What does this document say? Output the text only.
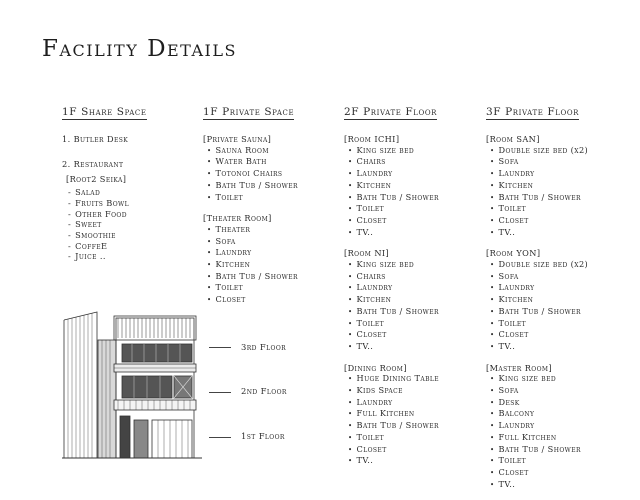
Facility Details
1F Share Space
1. Butler Desk
2. Restaurant
[Root2 Seika]
- Salad
- Fruits Bowl
- Other Food
- Sweet
- Smoothie
- CoffeE
- Juice ..
1F Private Space
[Private Sauna]
• Sauna Room
• Water Bath
• Totonoi Chairs
• Bath Tub / Shower
• Toilet
[Theater Room]
• Theater
• Sofa
• Laundry
• Kitchen
• Bath Tub / Shower
• Toilet
• Closet
2F Private Floor
[Room ICHI]
• King size bed
• Chairs
• Laundry
• Kitchen
• Bath Tub / Shower
• Toilet
• Closet
• TV..
[Room NI]
• King size bed
• Chairs
• Laundry
• Kitchen
• Bath Tub / Shower
• Toilet
• Closet
• TV..
[Dining Room]
• Huge Dining Table
• Kids Space
• Laundry
• Full Kitchen
• Bath Tub / Shower
• Toilet
• Closet
• TV..
3F Private Floor
[Room SAN]
• Double size bed (x2)
• Sofa
• Laundry
• Kitchen
• Bath Tub / Shower
• Toilet
• Closet
• TV..
[Room YON]
• Double size bed (x2)
• Sofa
• Laundry
• Kitchen
• Bath Tub / Shower
• Toilet
• Closet
• TV..
[Master Room]
• King size bed
• Sofa
• Desk
• Balcony
• Laundry
• Full Kitchen
• Bath Tub / Shower
• Toilet
• Closet
• TV..
3rd Floor
2nd Floor
1st Floor
